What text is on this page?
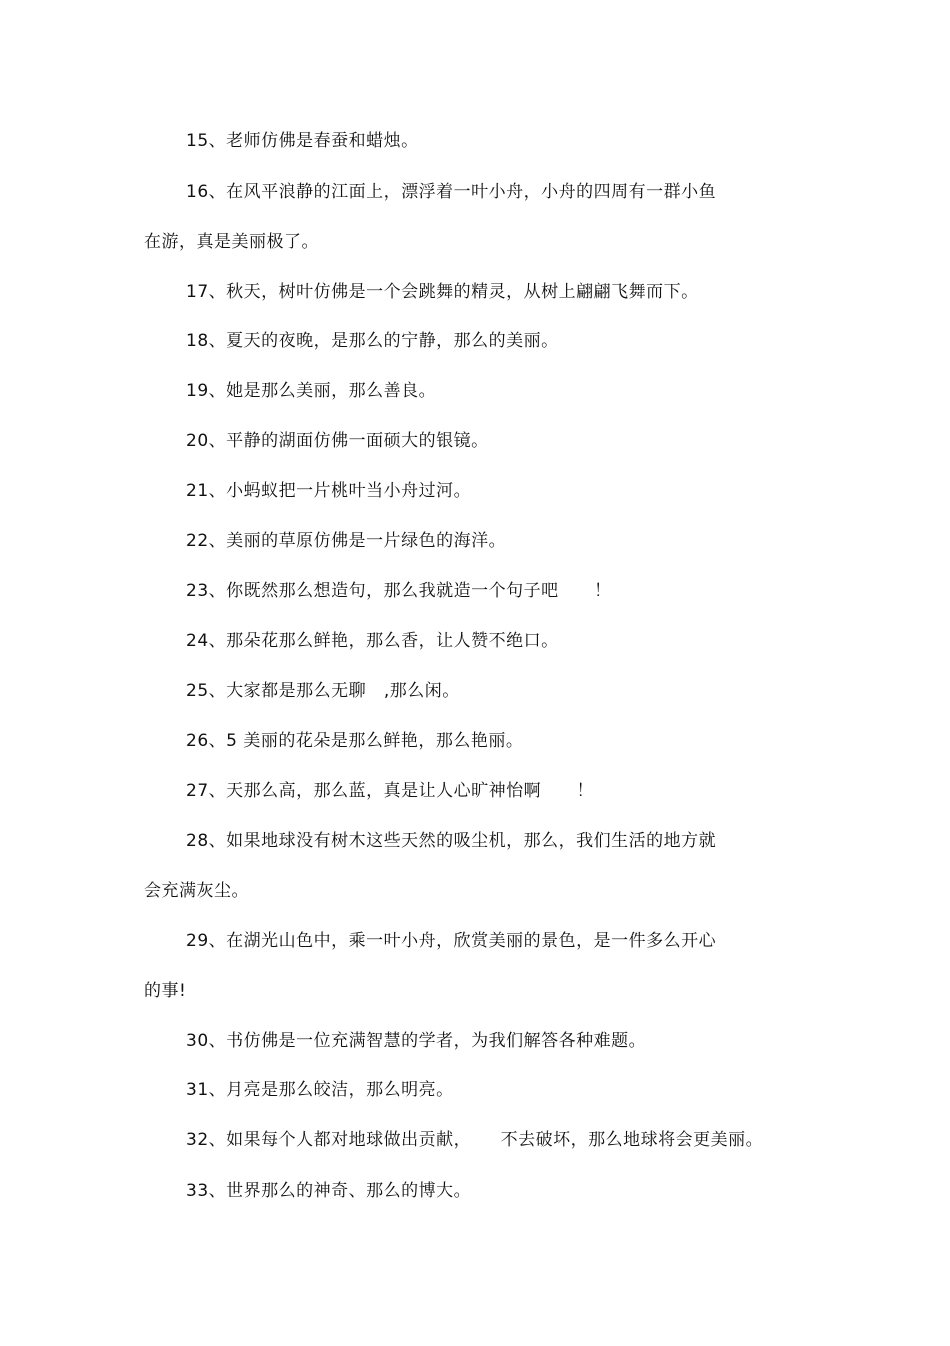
15、老师仿佛是春蚕和蜡烛。
16、在风平浪静的江面上，漂浮着一叶小舟，小舟的四周有一群小鱼
在游，真是美丽极了。
17、秋天，树叶仿佛是一个会跳舞的精灵，从树上翩翩飞舞而下。
18、夏天的夜晚，是那么的宁静，那么的美丽。
19、她是那么美丽，那么善良。
20、平静的湖面仿佛一面硕大的银镜。
21、小蚂蚁把一片桃叶当小舟过河。
22、美丽的草原仿佛是一片绿色的海洋。
23、你既然那么想造句，那么我就造一个句子吧      ！
24、那朵花那么鲜艳，那么香，让人赞不绝口。
25、大家都是那么无聊   ,那么闲。
26、5 美丽的花朵是那么鲜艳，那么艳丽。
27、天那么高，那么蓝，真是让人心旷神怡啊      ！
28、如果地球没有树木这些天然的吸尘机，那么，我们生活的地方就
会充满灰尘。
29、在湖光山色中，乘一叶小舟，欣赏美丽的景色，是一件多么开心
的事!
30、书仿佛是一位充满智慧的学者，为我们解答各种难题。
31、月亮是那么皎洁，那么明亮。
32、如果每个人都对地球做出贡献，     不去破坏，那么地球将会更美丽。
33、世界那么的神奇、那么的博大。
